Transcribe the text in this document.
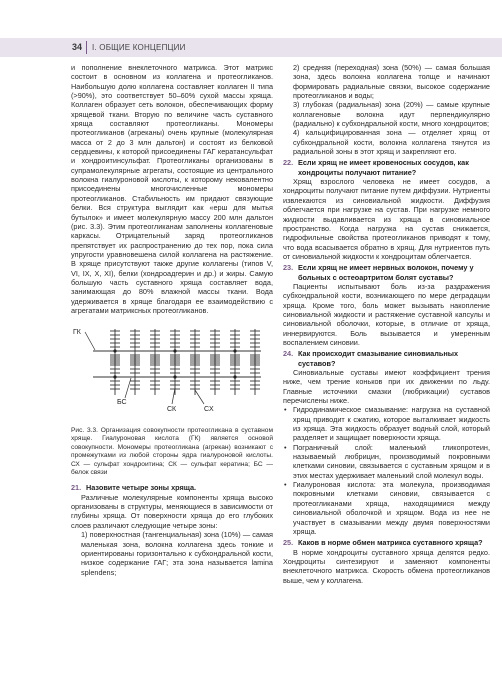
34 I. ОБЩИЕ КОНЦЕПЦИИ

и пополнение внеклеточного матрикса. Этот матрикс состоит в основном из коллагена и протеогликанов. Наибольшую долю коллагена составляет коллаген II типа (>90%), это соответствует 50–60% сухой массы хряща. Коллаген образует сеть волокон, обеспечивающих форму хрящевой ткани. Вторую по величине часть суставного хряща составляют протеогликаны. Мономеры протеогликанов (агреканы) очень крупные (молекулярная масса от 2 до 3 млн дальтон) и состоят из белковой сердцевины, к которой присоединены ГАГ кератансульфат и хондроитинсульфат. Протеогликаны организованы в супрамолекулярные агрегаты, состоящие из центрального волокна гиалуроновой кислоты, к которому нековалентно присоединены многочисленные мономеры протеогликанов. Стабильность им придают связующие белки. Вся структура выглядит как «ерш для мытья бутылок» и имеет молекулярную массу 200 млн дальтон (рис. 3.3). Этим протеогликанам заполнены коллагеновые каркасы. Отрицательный заряд протеогликанов препятствует их распространению до тех пор, пока сила упругости уравновешена силой коллагена на растяжение. В хряще присутствуют также другие коллагены (типов V, VI, IX, X, XI), белки (хондроадгерин и др.) и жиры. Самую большую часть суставного хряща составляет вода, занимающая до 80% влажной массы ткани. Вода удерживается в хряще благодаря ее взаимодействию с агрегатами матриксных протеогликанов.

ГК
БС
СК	CX
Рис. 3.3. Организация совокупности протеогликана в суставном хряще. Гиалуроновая кислота (ГК) является основой совокупности. Мономеры протеогликана (агрекан) возникают с промежутками из любой стороны ядра гиалуроновой кислоты. СХ — сульфат хондроитина; СК — сульфат кератина; БС — белок связи
21. Назовите четыре зоны хряща.

Различные молекулярные компоненты хряща высоко организованы в структуры, меняющиеся в зависимости от глубины хряща. От поверхности хряща до его глубоких слоев различают следующие четыре зоны:

1) поверхностная (тангенциальная) зона (10%) — самая маленькая зона, волокна коллагена здесь тонкие и ориентированы горизонтально к субхондральной кости, низкое содержание ГАГ; эта зона называется lamina splendens;
2) средняя (переходная) зона (50%) — самая большая зона, здесь волокна коллагена толще и начинают формировать радиальные связки, высокое содержание протеогликанов и воды;
3) глубокая (радиальная) зона (20%) — самые крупные коллагеновые волокна идут перпендикулярно (радиально) к субхондральной кости, много хондроцитов;
4) кальцифицированная зона — отделяет хрящ от субхондральной кости, волокна коллагена тянутся из радиальной зоны в этот хрящ и закрепляют его.
22. Если хрящ не имеет кровеносных сосудов, как хондроциты получают питание?

Хрящ взрослого человека не имеет сосудов, а хондроциты получают питание путем диффузии. Нутриенты извлекаются из синовиальной жидкости. Диффузия облегчается при нагрузке на сустав. При нагрузке немного жидкости выдавливается из хряща в синовиальное пространство. Когда нагрузка на сустав снижается, гидрофильные свойства протеогликанов приводят к тому, что вода всасывается обратно в хрящ. Для нутриентов путь от синовиальной жидкости к хондроцитам облегчается.

23. Если хрящ не имеет нервных волокон, почему у больных с остеоартритом болят суставы?

Пациенты испытывают боль из-за раздражения субхондральной кости, возникающего по мере деградации хряща. Кроме того, боль может вызывать накопление синовиальной жидкости и растяжение суставной капсулы и синовиальной оболочки, которые, в отличие от хряща, иннервируются. Боль вызывается и умеренным воспалением синовии.

24. Как происходит смазывание синовиальных суставов?

Синовиальные суставы имеют коэффициент трения ниже, чем трение коньков при их движении по льду. Главные источники смазки (любрикации) суставов перечислены ниже.

• Гидродинамическое смазывание: нагрузка на суставной хрящ приводит к сжатию, которое выталкивает жидкость из хряща. Эта жидкость образует водный слой, который разделяет и защищает поверхности хряща.
• Пограничный слой: маленький гликопротеин, называемый любрицин, производимый покровными клетками синовии, связывается с суставным хрящом и в этих местах удерживает маленький слой молекул воды.
• Гиалуроновая кислота: эта молекула, производимая покровными клетками синовии, связывается с протеогликанами хряща, находящимися между синовиальной оболочкой и хрящом. Вода из нее не участвует в смазывании между двумя поверхностями хряща.
25. Каков в норме обмен матрикса суставного хряща?

В норме хондроциты суставного хряща делятся редко. Хондроциты синтезируют и заменяют компоненты внеклеточного матрикса. Скорость обмена протеогликанов выше, чем у коллагена.
